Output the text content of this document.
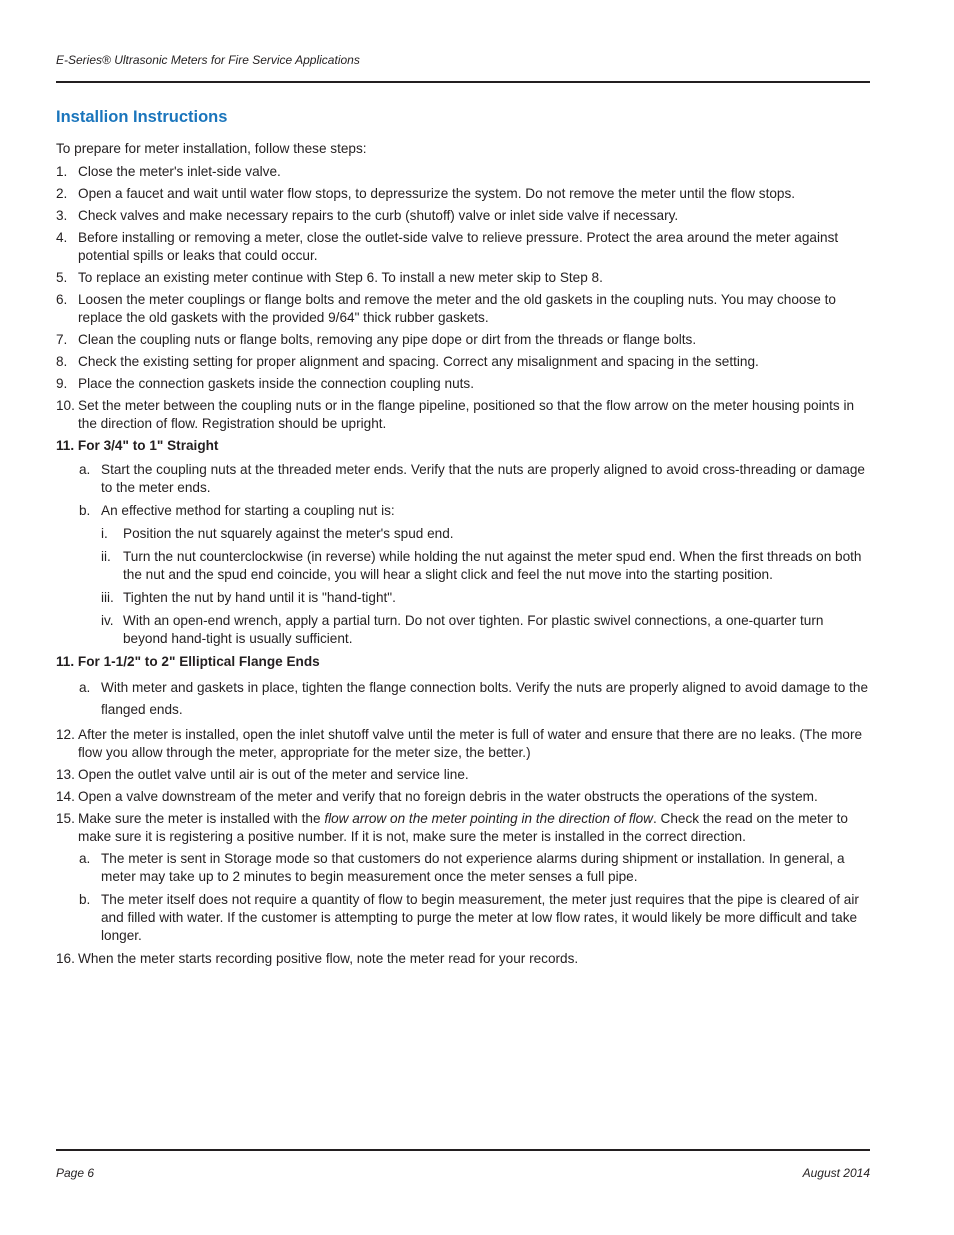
E-Series® Ultrasonic Meters for Fire Service Applications
Installion Instructions

To prepare for meter installation, follow these steps:

1. Close the meter's inlet-side valve.
2. Open a faucet and wait until water flow stops, to depressurize the system. Do not remove the meter until the flow stops.
3. Check valves and make necessary repairs to the curb (shutoff) valve or inlet side valve if necessary.
4. Before installing or removing a meter, close the outlet-side valve to relieve pressure. Protect the area around the meter against potential spills or leaks that could occur.
5. To replace an existing meter continue with Step 6. To install a new meter skip to Step 8.
6. Loosen the meter couplings or flange bolts and remove the meter and the old gaskets in the coupling nuts. You may choose to replace the old gaskets with the provided 9/64" thick rubber gaskets.
7. Clean the coupling nuts or flange bolts, removing any pipe dope or dirt from the threads or flange bolts.
8. Check the existing setting for proper alignment and spacing. Correct any misalignment and spacing in the setting.
9. Place the connection gaskets inside the connection coupling nuts.
10. Set the meter between the coupling nuts or in the flange pipeline, positioned so that the flow arrow on the meter housing points in the direction of flow. Registration should be upright.
11. For 3/4" to 1" Straight
a. Start the coupling nuts at the threaded meter ends. Verify that the nuts are properly aligned to avoid cross-threading or damage to the meter ends.
b. An effective method for starting a coupling nut is:
i. Position the nut squarely against the meter's spud end.
ii. Turn the nut counterclockwise (in reverse) while holding the nut against the meter spud end. When the first threads on both the nut and the spud end coincide, you will hear a slight click and feel the nut move into the starting position.
iii. Tighten the nut by hand until it is "hand-tight".
iv. With an open-end wrench, apply a partial turn. Do not over tighten. For plastic swivel connections, a one-quarter turn beyond hand-tight is usually sufficient.
11. For 1-1/2" to 2" Elliptical Flange Ends
a. With meter and gaskets in place, tighten the flange connection bolts. Verify the nuts are properly aligned to avoid damage to the flanged ends.
12. After the meter is installed, open the inlet shutoff valve until the meter is full of water and ensure that there are no leaks. (The more flow you allow through the meter, appropriate for the meter size, the better.)
13. Open the outlet valve until air is out of the meter and service line.
14. Open a valve downstream of the meter and verify that no foreign debris in the water obstructs the operations of the system.
15. Make sure the meter is installed with the flow arrow on the meter pointing in the direction of flow. Check the read on the meter to make sure it is registering a positive number. If it is not, make sure the meter is installed in the correct direction.
a. The meter is sent in Storage mode so that customers do not experience alarms during shipment or installation. In general, a meter may take up to 2 minutes to begin measurement once the meter senses a full pipe.
b. The meter itself does not require a quantity of flow to begin measurement, the meter just requires that the pipe is cleared of air and filled with water. If the customer is attempting to purge the meter at low flow rates, it would likely be more difficult and take longer.
16. When the meter starts recording positive flow, note the meter read for your records.
Page 6	August 2014
